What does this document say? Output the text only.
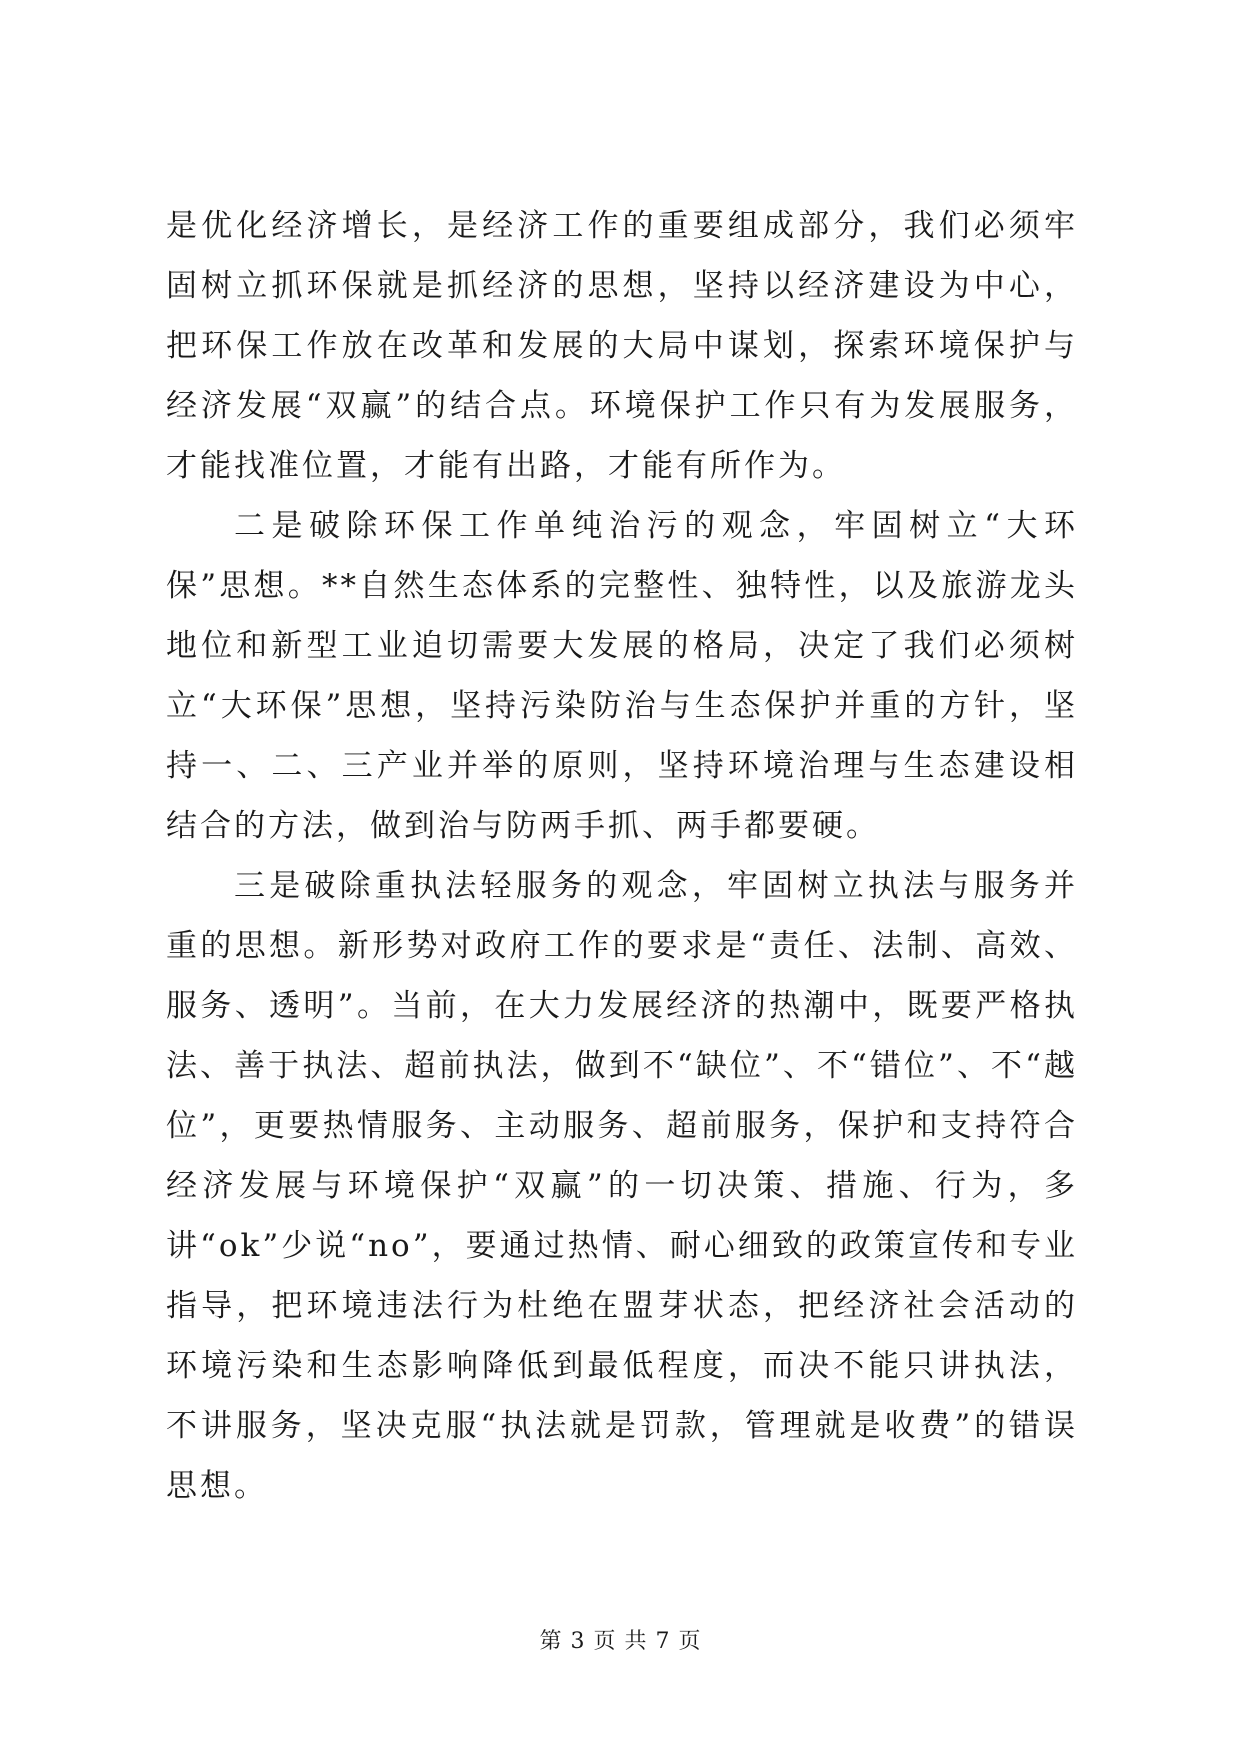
是优化经济增长，是经济工作的重要组成部分，我们必须牢固树立抓环保就是抓经济的思想，坚持以经济建设为中心，把环保工作放在改革和发展的大局中谋划，探索环境保护与经济发展“双赢”的结合点。环境保护工作只有为发展服务，才能找准位置，才能有出路，才能有所作为。

二是破除环保工作单纯治污的观念，牢固树立“大环保”思想。**自然生态体系的完整性、独特性，以及旅游龙头地位和新型工业迫切需要大发展的格局，决定了我们必须树立“大环保”思想，坚持污染防治与生态保护并重的方针，坚持一、二、三产业并举的原则，坚持环境治理与生态建设相结合的方法，做到治与防两手抓、两手都要硬。

三是破除重执法轻服务的观念，牢固树立执法与服务并重的思想。新形势对政府工作的要求是“责任、法制、高效、服务、透明”。当前，在大力发展经济的热潮中，既要严格执法、善于执法、超前执法，做到不“缺位”、不“错位”、不“越位”，更要热情服务、主动服务、超前服务，保护和支持符合经济发展与环境保护“双赢”的一切决策、措施、行为，多讲“ok”少说“no”，要通过热情、耐心细致的政策宣传和专业指导，把环境违法行为杜绝在盟芽状态，把经济社会活动的环境污染和生态影响降低到最低程度，而决不能只讲执法，不讲服务，坚决克服“执法就是罚款，管理就是收费”的错误思想。

第 3 页 共 7 页
